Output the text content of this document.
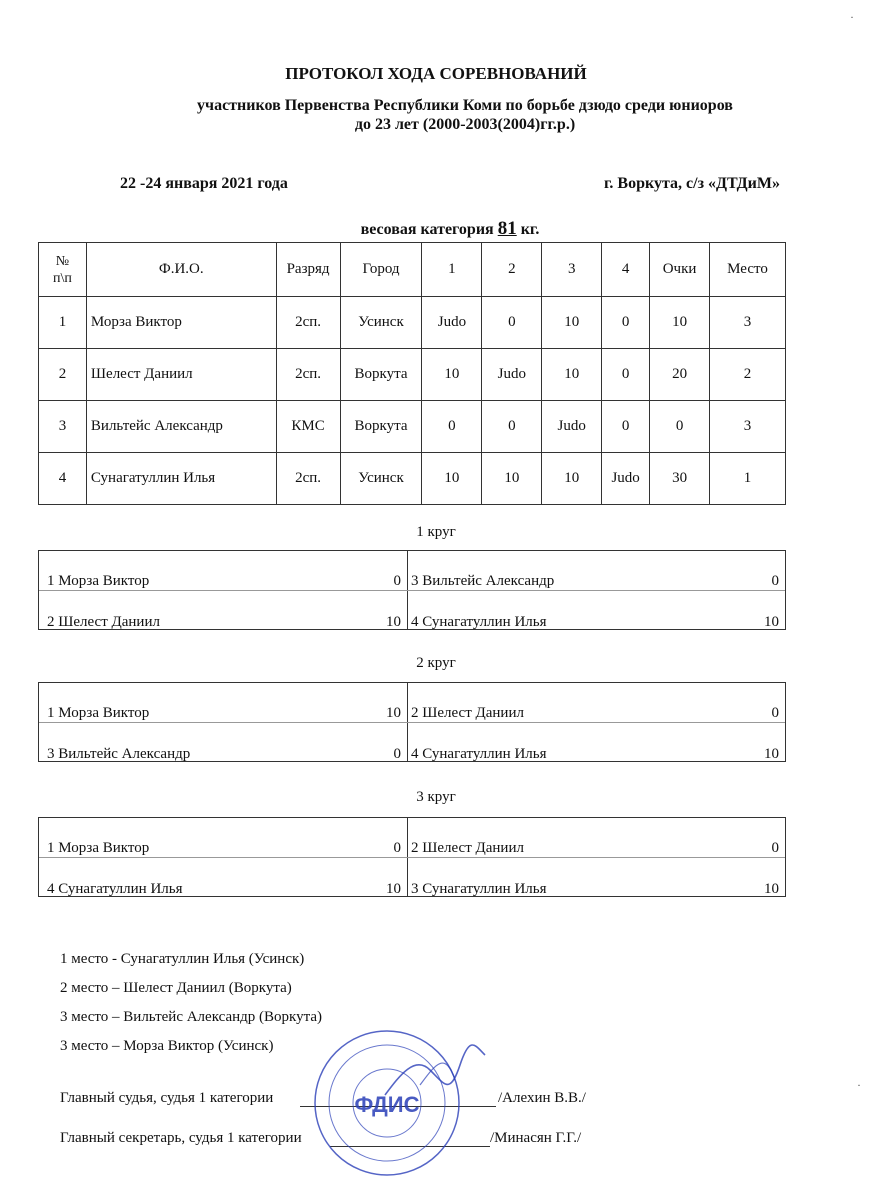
ПРОТОКОЛ ХОДА СОРЕВНОВАНИЙ
участников Первенства Республики Коми по борьбе дзюдо среди юниоров
до 23 лет (2000-2003(2004)гг.р.)
22 -24 января 2021 года	г. Воркута, с/з «ДТДиМ»
весовая категория 81 кг.
№
п\п	Ф.И.О.	Разряд	Город	1	2	3	4	Очки	Место
1	Морза Виктор	2сп.	Усинск	Judo	0	10	0	10	3
2	Шелест Даниил	2сп.	Воркута	10	Judo	10	0	20	2
3	Вильтейс Александр	КМС	Воркута	0	0	Judo	0	0	3
4	Сунагатуллин Илья	2сп.	Усинск	10	10	10	Judo	30	1
1 круг
1 Морза Виктор	0 3 Вильтейс Александр	0
2 Шелест Даниил	10 4 Сунагатуллин Илья	10
2 круг
1 Морза Виктор	10 2 Шелест Даниил	0
3 Вильтейс Александр	0 4 Сунагатуллин Илья	10
3 круг
1 Морза Виктор	0 2 Шелест Даниил	0
4 Сунагатуллин Илья	10 3 Сунагатуллин Илья	10
1 место - Сунагатуллин Илья (Усинск)
2 место – Шелест Даниил (Воркута)
3 место – Вильтейс Александр (Воркута)
3 место – Морза Виктор (Усинск)
Главный судья, судья 1 категории	/Алехин В.В./
Главный секретарь, судья 1 категории	/Минасян Г.Г./
ФДИС
·
·
